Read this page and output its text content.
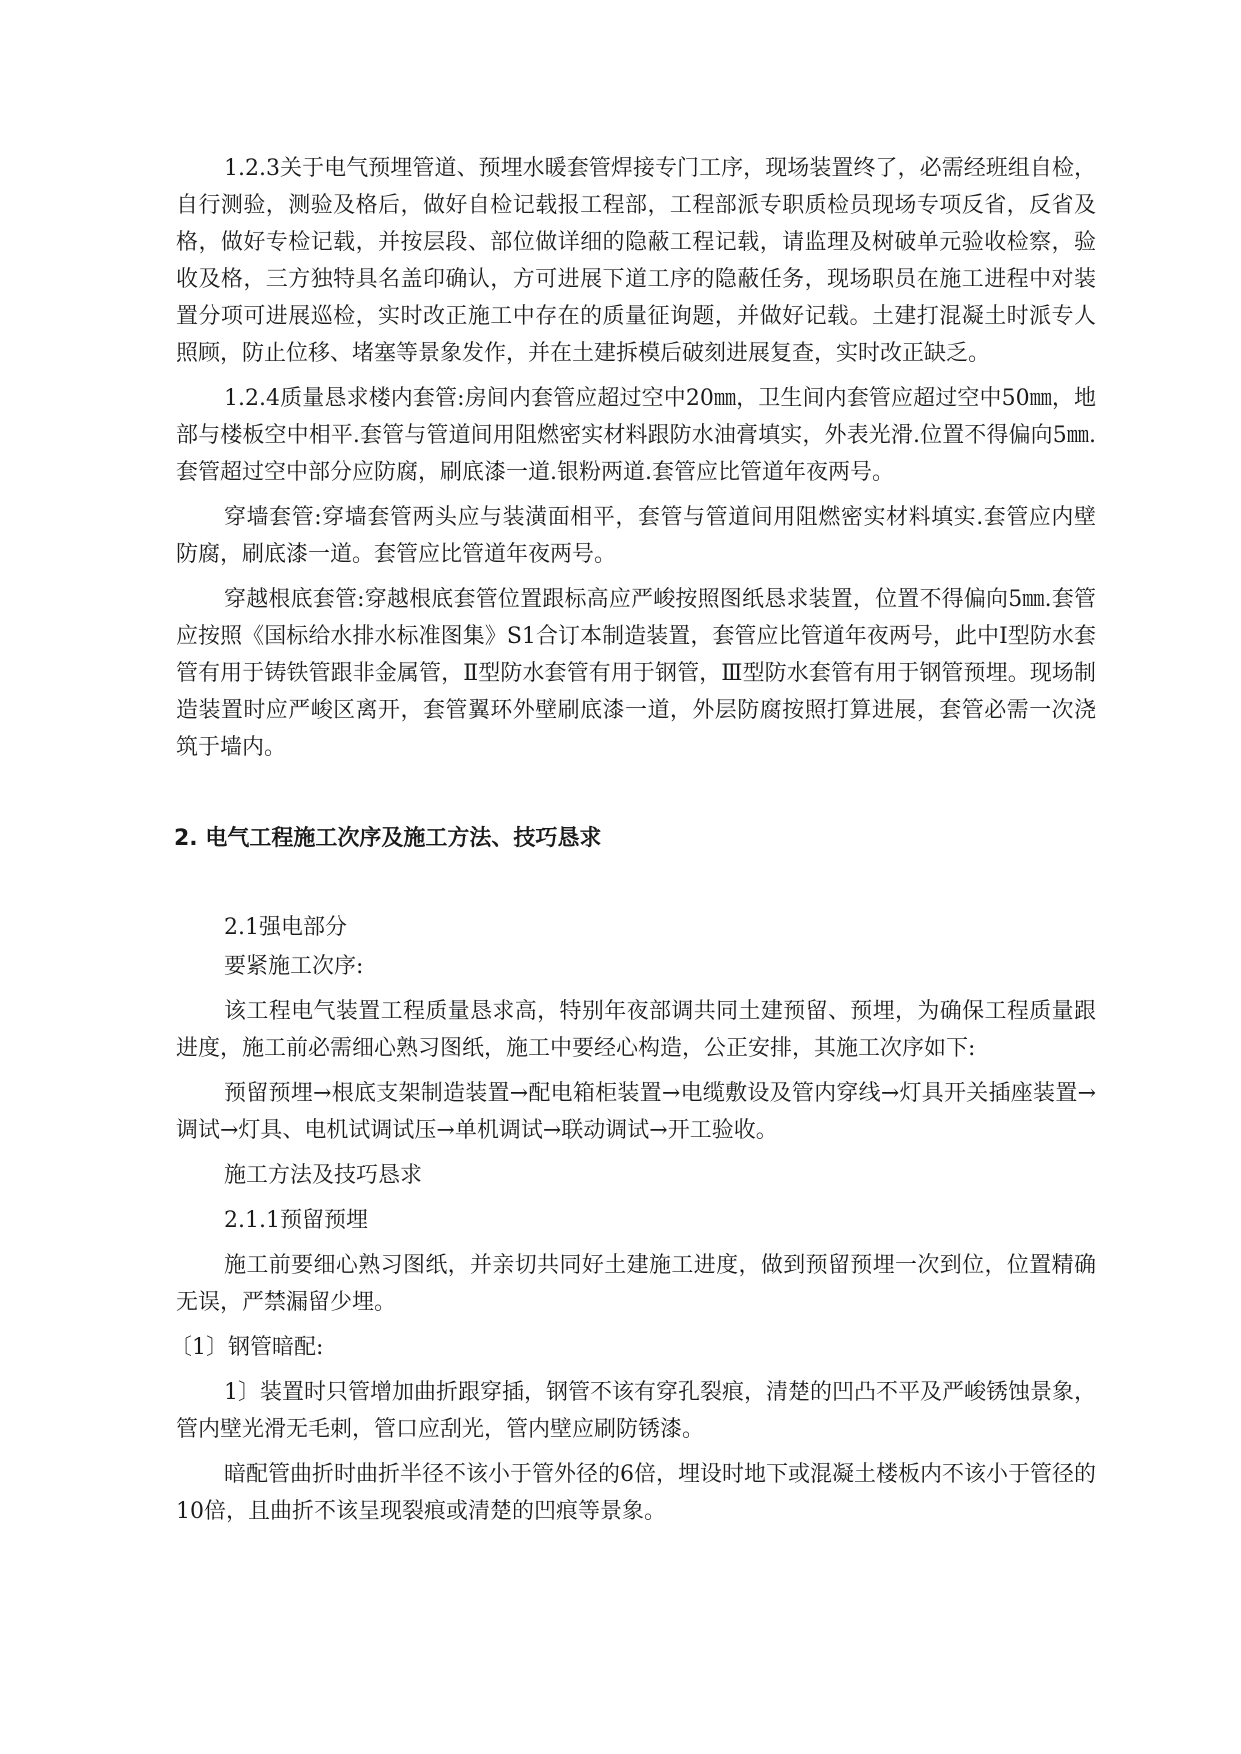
1.2.3关于电气预埋管道、预埋水暖套管焊接专门工序，现场装置终了，必需经班组自检，自行测验，测验及格后，做好自检记载报工程部，工程部派专职质检员现场专项反省，反省及格，做好专检记载，并按层段、部位做详细的隐蔽工程记载，请监理及树破单元验收检察，验收及格，三方独特具名盖印确认，方可进展下道工序的隐蔽任务，现场职员在施工进程中对装置分项可进展巡检，实时改正施工中存在的质量征询题，并做好记载。土建打混凝土时派专人照顾，防止位移、堵塞等景象发作，并在土建拆模后破刻进展复查，实时改正缺乏。

1.2.4质量恳求楼内套管:房间内套管应超过空中20㎜，卫生间内套管应超过空中50㎜，地部与楼板空中相平.套管与管道间用阻燃密实材料跟防水油膏填实，外表光滑.位置不得偏向5㎜.套管超过空中部分应防腐，刷底漆一道.银粉两道.套管应比管道年夜两号。

穿墙套管:穿墙套管两头应与装潢面相平，套管与管道间用阻燃密实材料填实.套管应内壁防腐，刷底漆一道。套管应比管道年夜两号。

穿越根底套管:穿越根底套管位置跟标高应严峻按照图纸恳求装置，位置不得偏向5㎜.套管应按照《国标给水排水标准图集》S1合订本制造装置，套管应比管道年夜两号，此中Ⅰ型防水套管有用于铸铁管跟非金属管，Ⅱ型防水套管有用于钢管，Ⅲ型防水套管有用于钢管预埋。现场制造装置时应严峻区离开，套管翼环外壁刷底漆一道，外层防腐按照打算进展，套管必需一次浇筑于墙内。

2. 电气工程施工次序及施工方法、技巧恳求

2.1强电部分

要紧施工次序:

该工程电气装置工程质量恳求高，特别年夜部调共同土建预留、预埋，为确保工程质量跟进度，施工前必需细心熟习图纸，施工中要经心构造，公正安排，其施工次序如下:

预留预埋→根底支架制造装置→配电箱柜装置→电缆敷设及管内穿线→灯具开关插座装置→调试→灯具、电机试调试压→单机调试→联动调试→开工验收。

施工方法及技巧恳求

2.1.1预留预埋

施工前要细心熟习图纸，并亲切共同好土建施工进度，做到预留预埋一次到位，位置精确无误，严禁漏留少埋。

〔1〕钢管暗配:

1〕装置时只管增加曲折跟穿插，钢管不该有穿孔裂痕，清楚的凹凸不平及严峻锈蚀景象，管内壁光滑无毛刺，管口应刮光，管内壁应刷防锈漆。

暗配管曲折时曲折半径不该小于管外径的6倍，埋设时地下或混凝土楼板内不该小于管径的10倍，且曲折不该呈现裂痕或清楚的凹痕等景象。
